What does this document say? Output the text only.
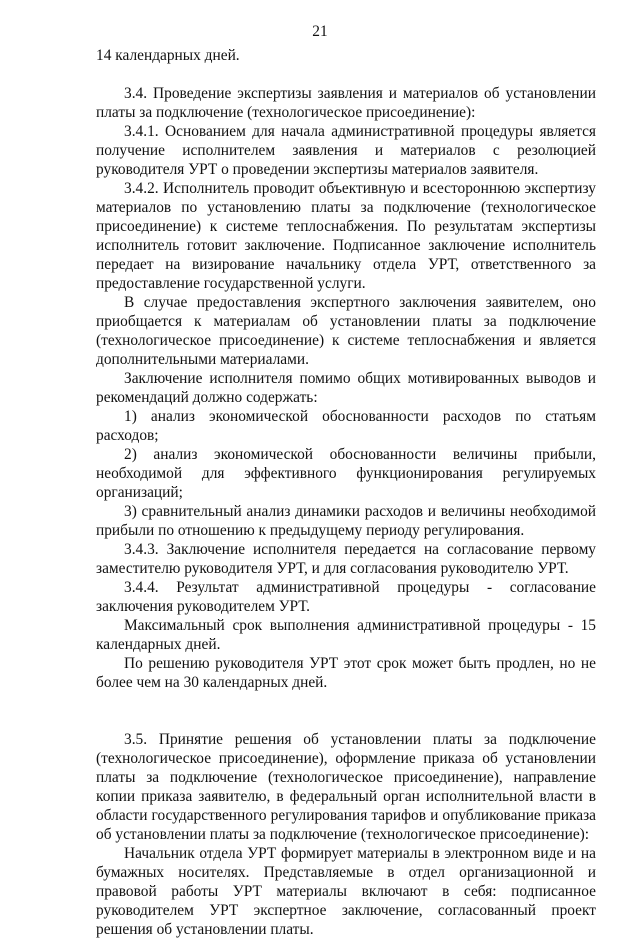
21

14 календарных дней.

3.4. Проведение экспертизы заявления и материалов об установлении платы за подключение (технологическое присоединение):

3.4.1. Основанием для начала административной процедуры является получение исполнителем заявления и материалов с резолюцией руководителя УРТ о проведении экспертизы материалов заявителя.

3.4.2. Исполнитель проводит объективную и всестороннюю экспертизу материалов по установлению платы за подключение (технологическое присоединение) к системе теплоснабжения. По результатам экспертизы исполнитель готовит заключение. Подписанное заключение исполнитель передает на визирование начальнику отдела УРТ, ответственного за предоставление государственной услуги.

В случае предоставления экспертного заключения заявителем, оно приобщается к материалам об установлении платы за подключение (технологическое присоединение) к системе теплоснабжения и является дополнительными материалами.

Заключение исполнителя помимо общих мотивированных выводов и рекомендаций должно содержать:

1) анализ экономической обоснованности расходов по статьям расходов;

2) анализ экономической обоснованности величины прибыли, необходимой для эффективного функционирования регулируемых организаций;

3) сравнительный анализ динамики расходов и величины необходимой прибыли по отношению к предыдущему периоду регулирования.

3.4.3. Заключение исполнителя передается на согласование первому заместителю руководителя УРТ, и для согласования руководителю УРТ.

3.4.4. Результат административной процедуры - согласование заключения руководителем УРТ.

Максимальный срок выполнения административной процедуры - 15 календарных дней.

По решению руководителя УРТ этот срок может быть продлен, но не более чем на 30 календарных дней.

3.5. Принятие решения об установлении платы за подключение (технологическое присоединение), оформление приказа об установлении платы за подключение (технологическое присоединение), направление копии приказа заявителю, в федеральный орган исполнительной власти в области государственного регулирования тарифов и опубликование приказа об установлении платы за подключение (технологическое присоединение):

Начальник отдела УРТ формирует материалы в электронном виде и на бумажных носителях. Представляемые в отдел организационной и правовой работы УРТ материалы включают в себя: подписанное руководителем УРТ экспертное заключение, согласованный проект решения об установлении платы.
